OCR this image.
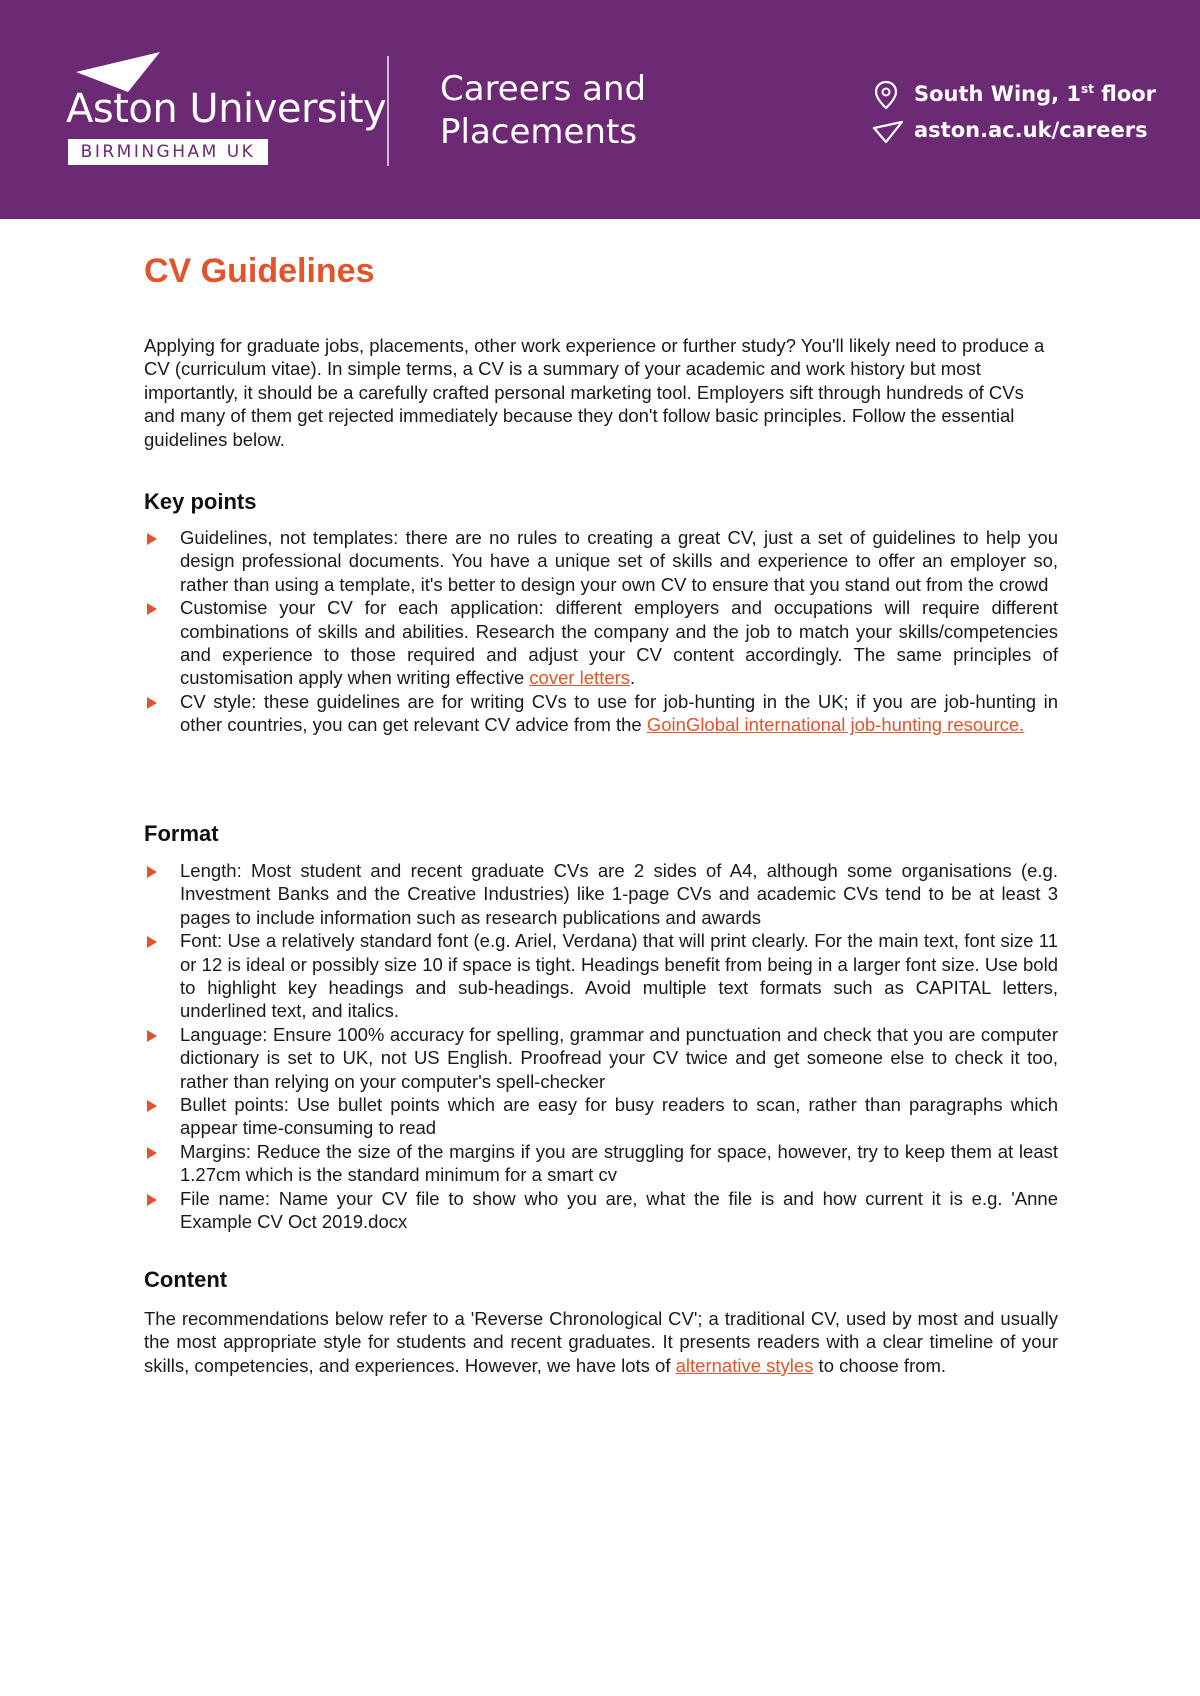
Aston University
BIRMINGHAM UK
Careers and
Placements
South Wing, 1st floor
aston.ac.uk/careers
CV Guidelines

Applying for graduate jobs, placements, other work experience or further study? You'll likely need to produce a CV (curriculum vitae). In simple terms, a CV is a summary of your academic and work history but most importantly, it should be a carefully crafted personal marketing tool. Employers sift through hundreds of CVs and many of them get rejected immediately because they don't follow basic principles. Follow the essential guidelines below.

Key points
Guidelines, not templates: there are no rules to creating a great CV, just a set of guidelines to help you design professional documents. You have a unique set of skills and experience to offer an employer so, rather than using a template, it's better to design your own CV to ensure that you stand out from the crowd
Customise your CV for each application: different employers and occupations will require different combinations of skills and abilities. Research the company and the job to match your skills/competencies and experience to those required and adjust your CV content accordingly. The same principles of customisation apply when writing effective cover letters.
CV style: these guidelines are for writing CVs to use for job-hunting in the UK; if you are job-hunting in other countries, you can get relevant CV advice from the GoinGlobal international job-hunting resource.
Format
Length: Most student and recent graduate CVs are 2 sides of A4, although some organisations (e.g. Investment Banks and the Creative Industries) like 1-page CVs and academic CVs tend to be at least 3 pages to include information such as research publications and awards
Font: Use a relatively standard font (e.g. Ariel, Verdana) that will print clearly. For the main text, font size 11 or 12 is ideal or possibly size 10 if space is tight. Headings benefit from being in a larger font size. Use bold to highlight key headings and sub-headings. Avoid multiple text formats such as CAPITAL letters, underlined text, and italics.
Language: Ensure 100% accuracy for spelling, grammar and punctuation and check that you are computer dictionary is set to UK, not US English. Proofread your CV twice and get someone else to check it too, rather than relying on your computer's spell-checker
Bullet points: Use bullet points which are easy for busy readers to scan, rather than paragraphs which appear time-consuming to read
Margins: Reduce the size of the margins if you are struggling for space, however, try to keep them at least 1.27cm which is the standard minimum for a smart cv
File name: Name your CV file to show who you are, what the file is and how current it is e.g. 'Anne Example CV Oct 2019.docx
Content

The recommendations below refer to a 'Reverse Chronological CV'; a traditional CV, used by most and usually the most appropriate style for students and recent graduates. It presents readers with a clear timeline of your skills, competencies, and experiences. However, we have lots of alternative styles to choose from.
